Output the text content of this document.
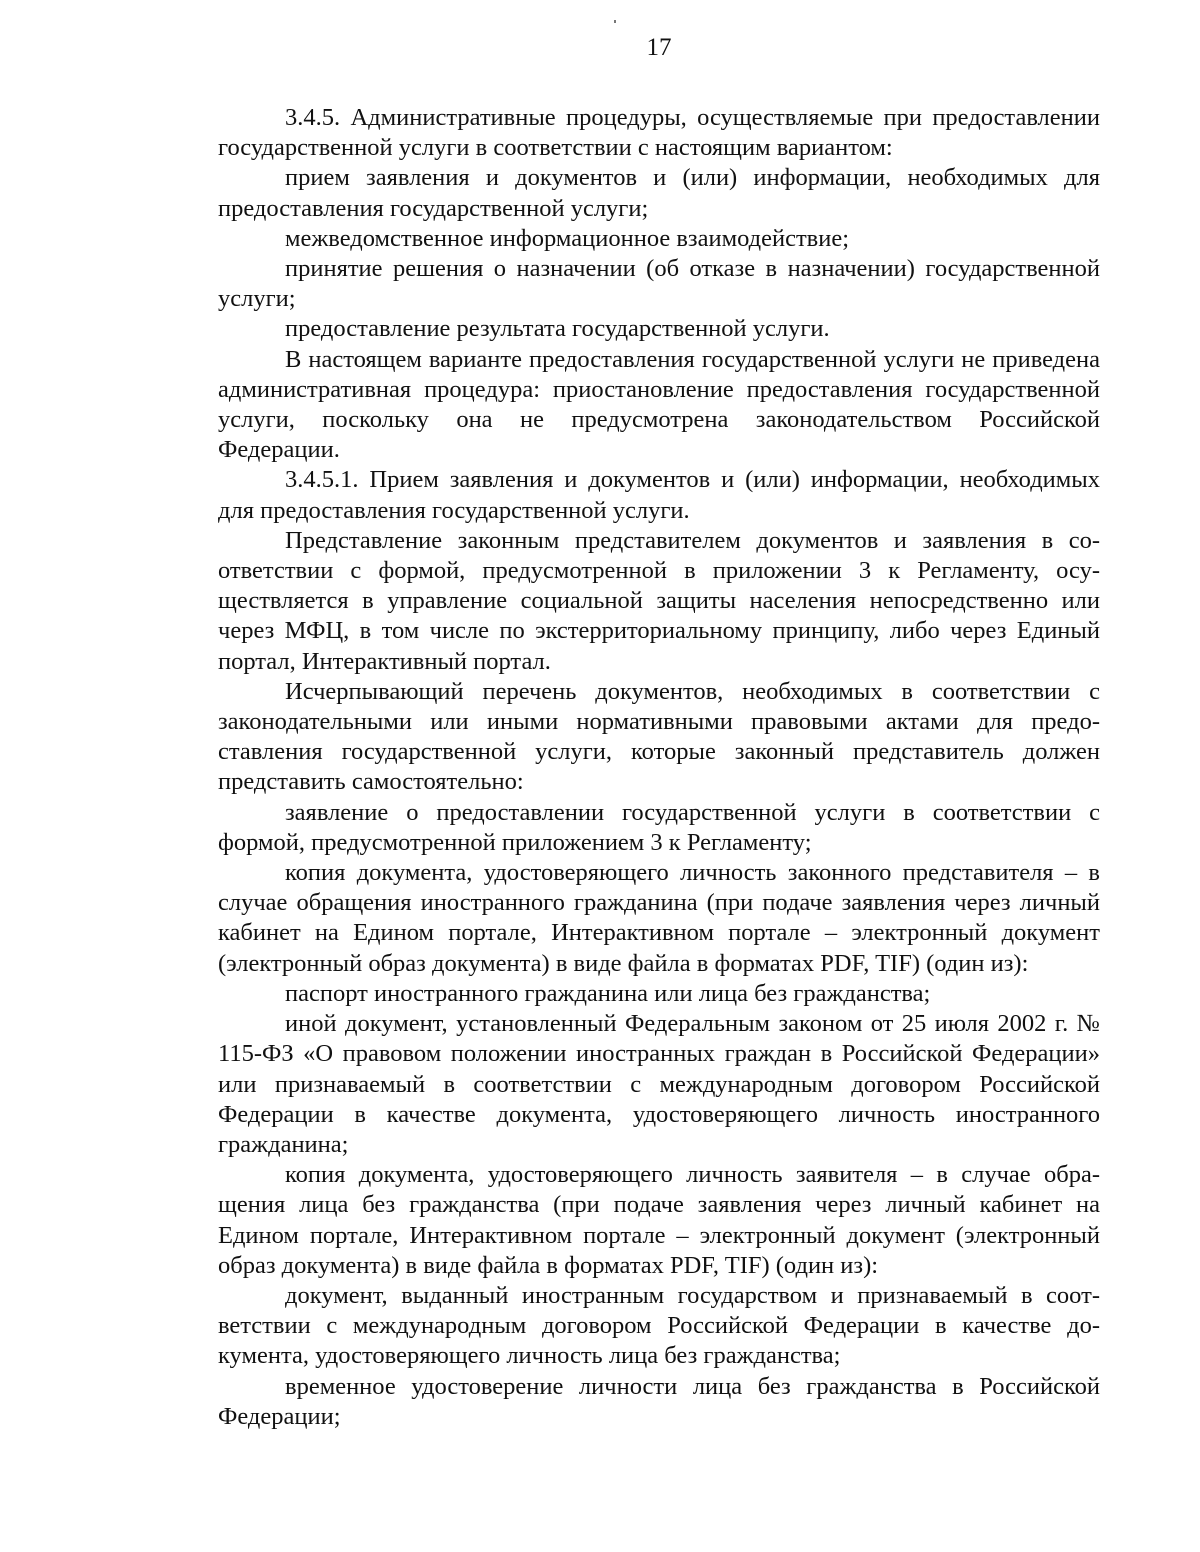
17

3.4.5. Административные процедуры, осуществляемые при предоставлении государственной услуги в соответствии с настоящим вариантом:

прием заявления и документов и (или) информации, необходимых для предоставления государственной услуги;

межведомственное информационное взаимодействие;

принятие решения о назначении (об отказе в назначении) государственной услуги;

предоставление результата государственной услуги.

В настоящем варианте предоставления государственной услуги не приведена административная процедура: приостановление предоставления государственной услуги, поскольку она не предусмотрена законодательством Российской Федерации.

3.4.5.1. Прием заявления и документов и (или) информации, необходимых для предоставления государственной услуги.

Представление законным представителем документов и заявления в соответствии с формой, предусмотренной в приложении 3 к Регламенту, осуществляется в управление социальной защиты населения непосредственно или через МФЦ, в том числе по экстерриториальному принципу, либо через Единый портал, Интерактивный портал.

Исчерпывающий перечень документов, необходимых в соответствии с законодательными или иными нормативными правовыми актами для предоставления государственной услуги, которые законный представитель должен представить самостоятельно:

заявление о предоставлении государственной услуги в соответствии с формой, предусмотренной приложением 3 к Регламенту;

копия документа, удостоверяющего личность законного представителя – в случае обращения иностранного гражданина (при подаче заявления через личный кабинет на Едином портале, Интерактивном портале – электронный документ (электронный образ документа) в виде файла в форматах PDF, TIF) (один из):

паспорт иностранного гражданина или лица без гражданства;

иной документ, установленный Федеральным законом от 25 июля 2002 г. № 115-ФЗ «О правовом положении иностранных граждан в Российской Федерации» или признаваемый в соответствии с международным договором Российской Федерации в качестве документа, удостоверяющего личность иностранного гражданина;

копия документа, удостоверяющего личность заявителя – в случае обращения лица без гражданства (при подаче заявления через личный кабинет на Едином портале, Интерактивном портале – электронный документ (электронный образ документа) в виде файла в форматах PDF, TIF) (один из):

документ, выданный иностранным государством и признаваемый в соответствии с международным договором Российской Федерации в качестве документа, удостоверяющего личность лица без гражданства;

временное удостоверение личности лица без гражданства в Российской Федерации;
